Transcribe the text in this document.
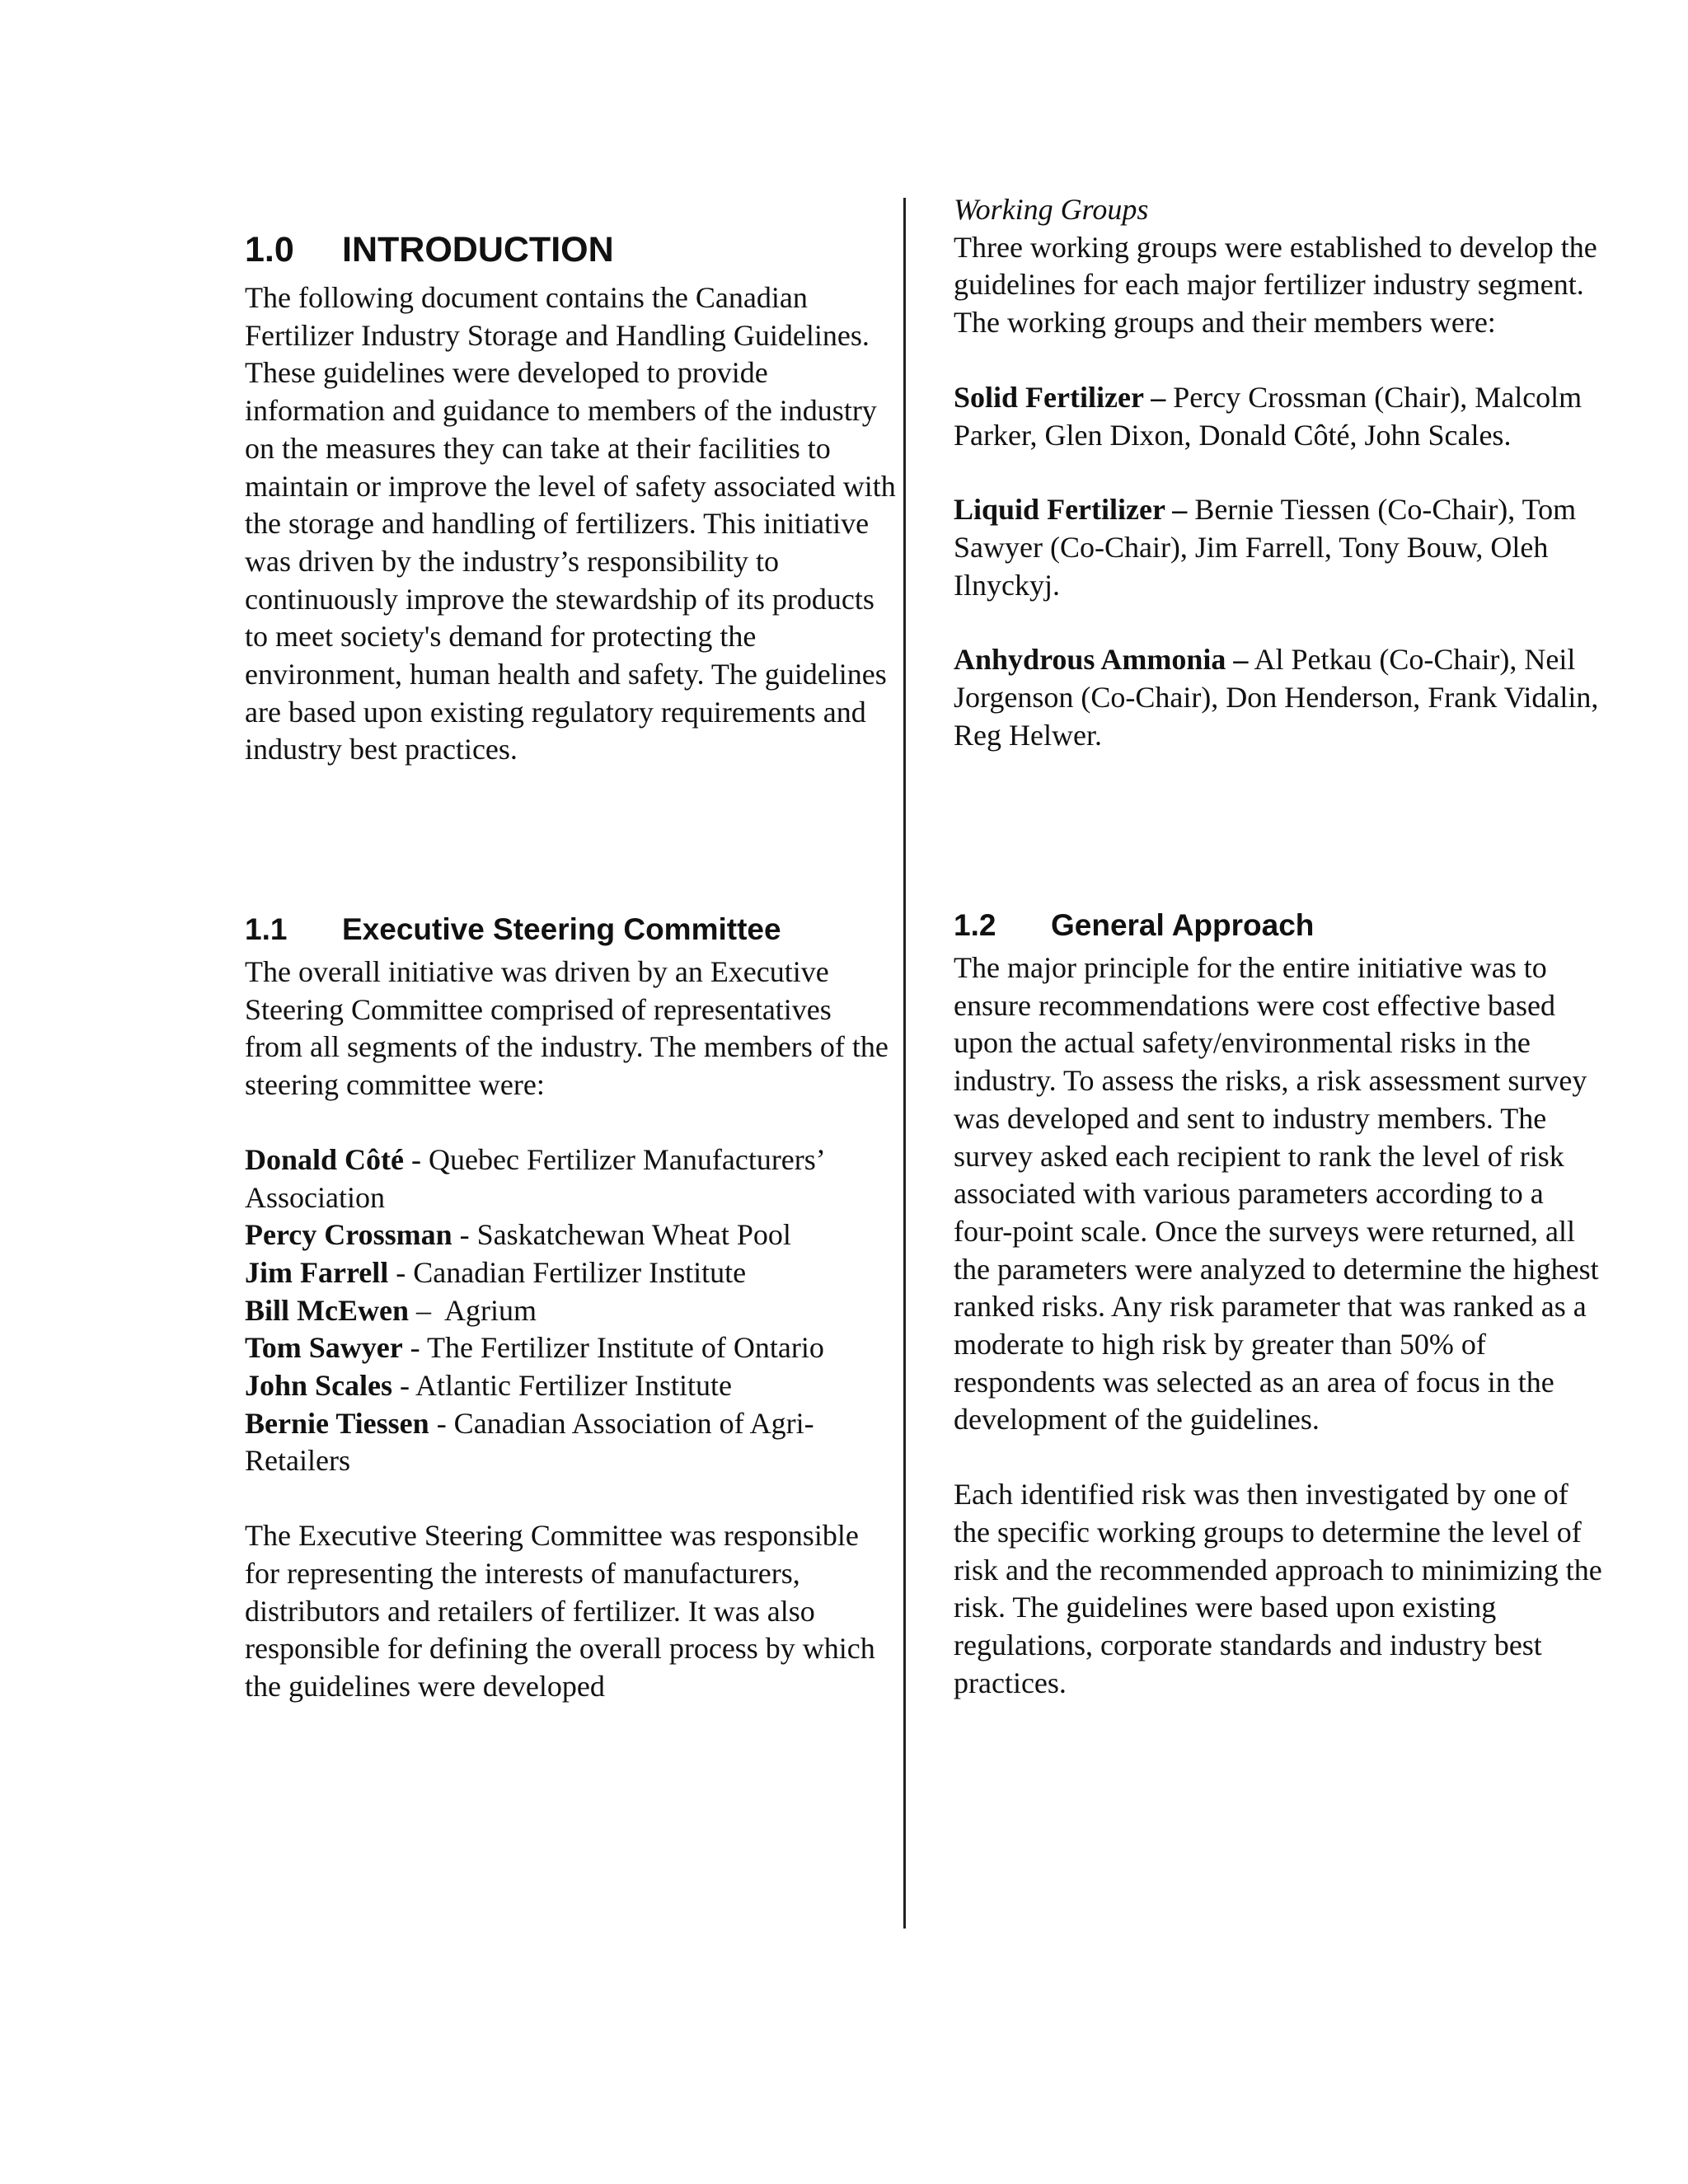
1.0 INTRODUCTION

The following document contains the Canadian Fertilizer Industry Storage and Handling Guidelines. These guidelines were developed to provide information and guidance to members of the industry on the measures they can take at their facilities to maintain or improve the level of safety associated with the storage and handling of fertilizers. This initiative was driven by the industry’s responsibility to continuously improve the stewardship of its products to meet society's demand for protecting the environment, human health and safety. The guidelines are based upon existing regulatory requirements and industry best practices.

1.1 Executive Steering Committee

The overall initiative was driven by an Executive Steering Committee comprised of representatives from all segments of the industry. The members of the steering committee were:

Donald Côté - Quebec Fertilizer Manufacturers’ Association

Percy Crossman - Saskatchewan Wheat Pool

Jim Farrell - Canadian Fertilizer Institute

Bill McEwen –  Agrium

Tom Sawyer - The Fertilizer Institute of Ontario

John Scales - Atlantic Fertilizer Institute

Bernie Tiessen - Canadian Association of Agri-Retailers

The Executive Steering Committee was responsible for representing the interests of manufacturers, distributors and retailers of fertilizer. It was also responsible for defining the overall process by which the guidelines were developed

Working Groups

Three working groups were established to develop the guidelines for each major fertilizer industry segment. The working groups and their members were:

Solid Fertilizer – Percy Crossman (Chair), Malcolm Parker, Glen Dixon, Donald Côté, John Scales.

Liquid Fertilizer – Bernie Tiessen (Co-Chair), Tom Sawyer (Co-Chair), Jim Farrell, Tony Bouw, Oleh Ilnyckyj.

Anhydrous Ammonia – Al Petkau (Co-Chair), Neil Jorgenson (Co-Chair), Don Henderson, Frank Vidalin, Reg Helwer.

1.2 General Approach

The major principle for the entire initiative was to ensure recommendations were cost effective based upon the actual safety/environmental risks in the industry. To assess the risks, a risk assessment survey was developed and sent to industry members. The survey asked each recipient to rank the level of risk associated with various parameters according to a four-point scale. Once the surveys were returned, all the parameters were analyzed to determine the highest ranked risks. Any risk parameter that was ranked as a moderate to high risk by greater than 50% of respondents was selected as an area of focus in the development of the guidelines.

Each identified risk was then investigated by one of the specific working groups to determine the level of risk and the recommended approach to minimizing the risk. The guidelines were based upon existing regulations, corporate standards and industry best practices.
